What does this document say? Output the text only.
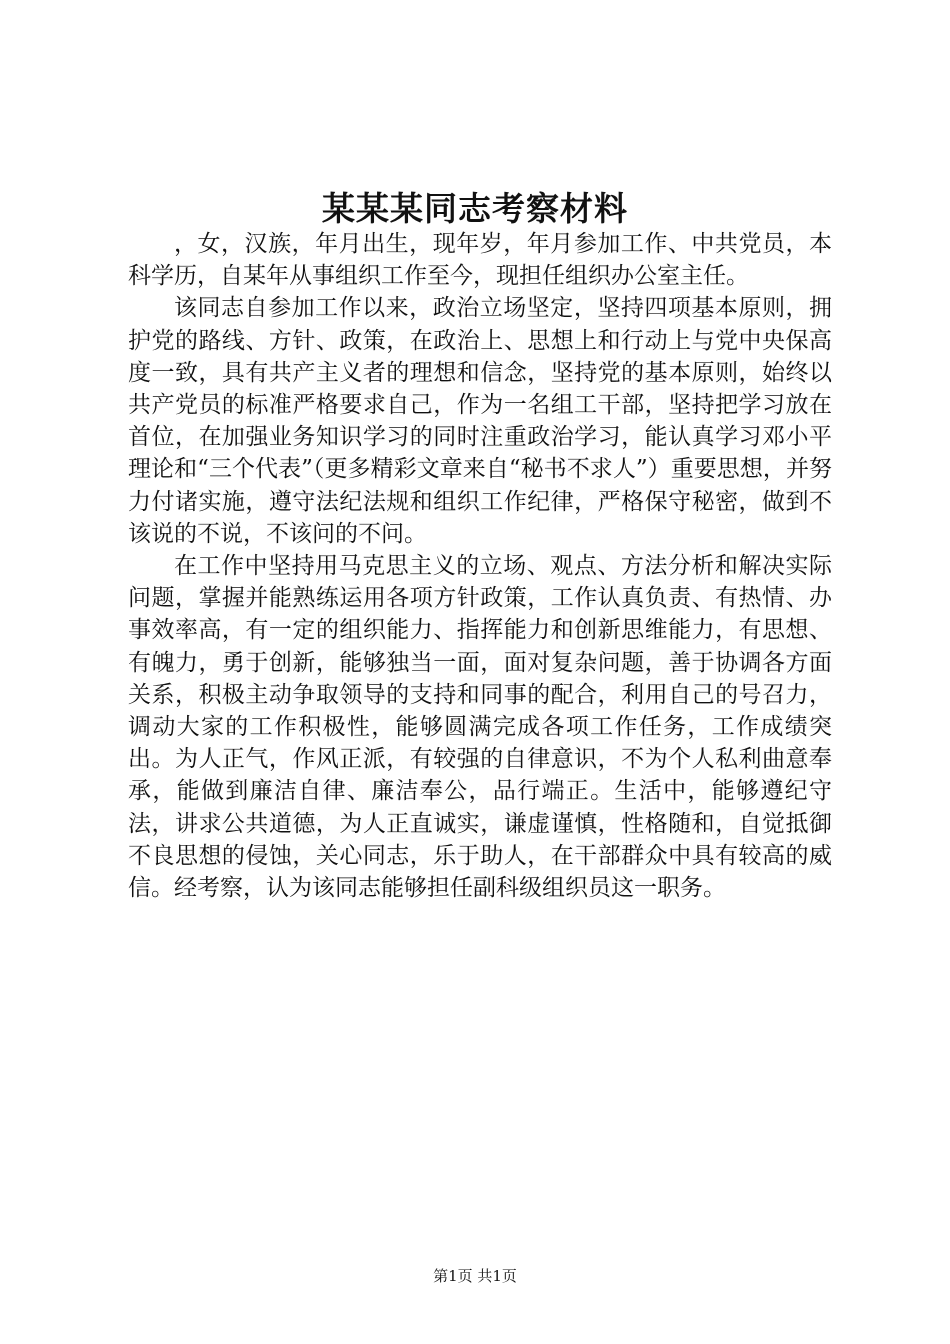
某某某同志考察材料

，女，汉族，年月出生，现年岁，年月参加工作、中共党员，本科学历，自某年从事组织工作至今，现担任组织办公室主任。

该同志自参加工作以来，政治立场坚定，坚持四项基本原则，拥护党的路线、方针、政策，在政治上、思想上和行动上与党中央保高度一致，具有共产主义者的理想和信念，坚持党的基本原则，始终以共产党员的标准严格要求自己，作为一名组工干部，坚持把学习放在首位，在加强业务知识学习的同时注重政治学习，能认真学习邓小平理论和“三个代表”（更多精彩文章来自“秘书不求人”）重要思想，并努力付诸实施，遵守法纪法规和组织工作纪律，严格保守秘密，做到不该说的不说，不该问的不问。

在工作中坚持用马克思主义的立场、观点、方法分析和解决实际问题，掌握并能熟练运用各项方针政策，工作认真负责、有热情、办事效率高，有一定的组织能力、指挥能力和创新思维能力，有思想、有魄力，勇于创新，能够独当一面，面对复杂问题，善于协调各方面关系，积极主动争取领导的支持和同事的配合，利用自己的号召力，调动大家的工作积极性，能够圆满完成各项工作任务，工作成绩突出。为人正气，作风正派，有较强的自律意识，不为个人私利曲意奉承，能做到廉洁自律、廉洁奉公，品行端正。生活中，能够遵纪守法，讲求公共道德，为人正直诚实，谦虚谨慎，性格随和，自觉抵御不良思想的侵蚀，关心同志，乐于助人，在干部群众中具有较高的威信。经考察，认为该同志能够担任副科级组织员这一职务。

第1页 共1页
